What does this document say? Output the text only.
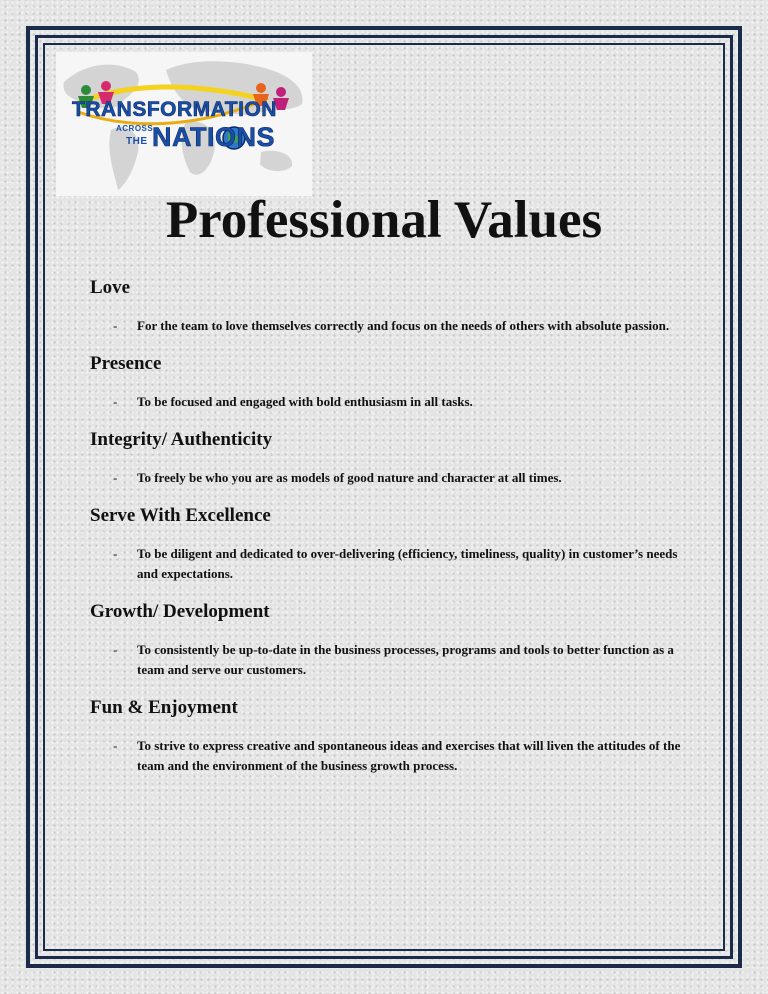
TRANSFORMATION
ACROSS
THE NATIONS
Professional Values

Love

- For the team to love themselves correctly and focus on the needs of others with absolute passion.

Presence

- To be focused and engaged with bold enthusiasm in all tasks.

Integrity/ Authenticity

- To freely be who you are as models of good nature and character at all times.

Serve With Excellence

- To be diligent and dedicated to over-delivering (efficiency, timeliness, quality) in customer’s needs and expectations.

Growth/ Development

- To consistently be up-to-date in the business processes, programs and tools to better function as a team and serve our customers.

Fun & Enjoyment

- To strive to express creative and spontaneous ideas and exercises that will liven the attitudes of the team and the environment of the business growth process.
